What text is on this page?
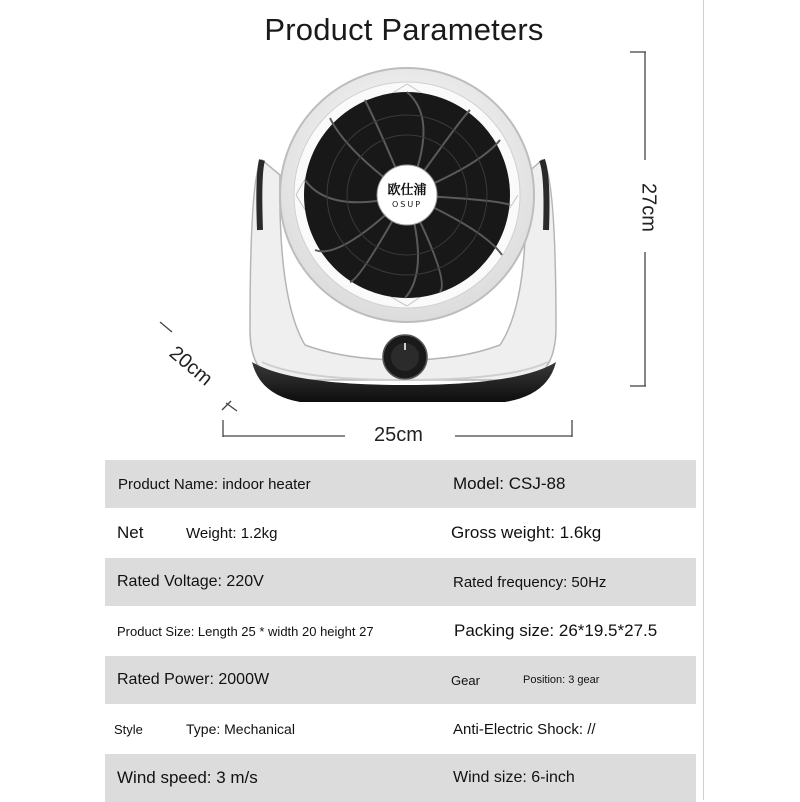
Product Parameters
欧仕浦
OSUP
25cm
27cm
20cm
Product Name: indoor heater	Model: CSJ-88
Net	Weight: 1.2kg	Gross weight: 1.6kg
Rated Voltage: 220V	Rated frequency: 50Hz
Product Size: Length 25 * width 20 height 27	Packing size: 26*19.5*27.5
Rated Power: 2000W	Gear	Position: 3 gear
Style	Type: Mechanical	Anti-Electric Shock: //
Wind speed: 3 m/s	Wind size: 6-inch
